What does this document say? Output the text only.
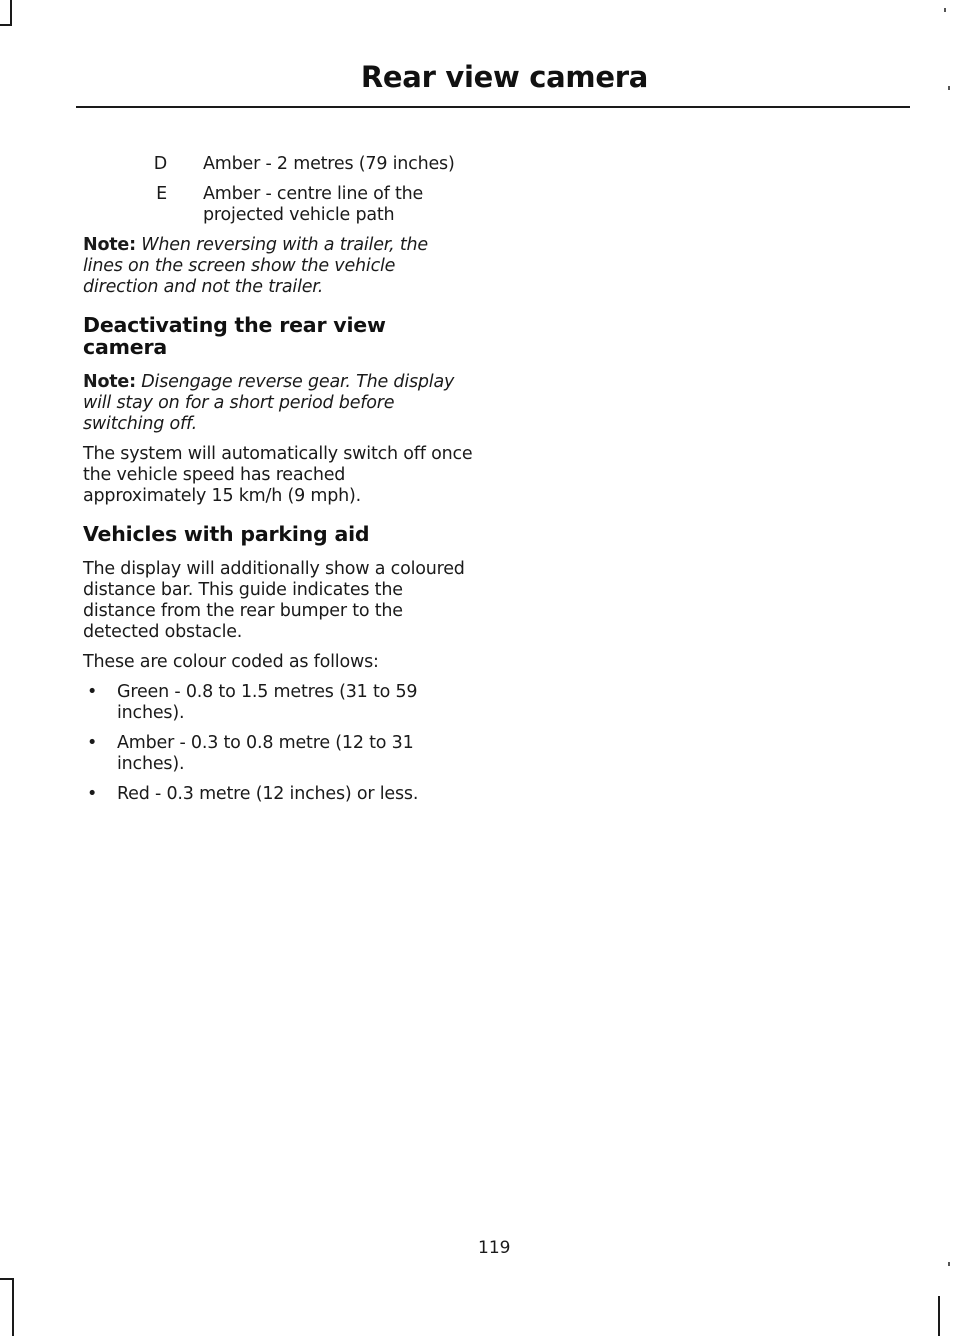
Rear view camera
D	Amber - 2 metres (79 inches)
E	Amber - centre line of the projected vehicle path

Note: When reversing with a trailer, the lines on the screen show the vehicle direction and not the trailer.

Deactivating the rear view camera

Note: Disengage reverse gear. The display will stay on for a short period before switching off.

The system will automatically switch off once the vehicle speed has reached approximately 15 km/h (9 mph).

Vehicles with parking aid

The display will additionally show a coloured distance bar. This guide indicates the distance from the rear bumper to the detected obstacle.

These are colour coded as follows:

•	Green - 0.8 to 1.5 metres (31 to 59 inches).
•	Amber - 0.3 to 0.8 metre (12 to 31 inches).
•	Red - 0.3 metre (12 inches) or less.
119
